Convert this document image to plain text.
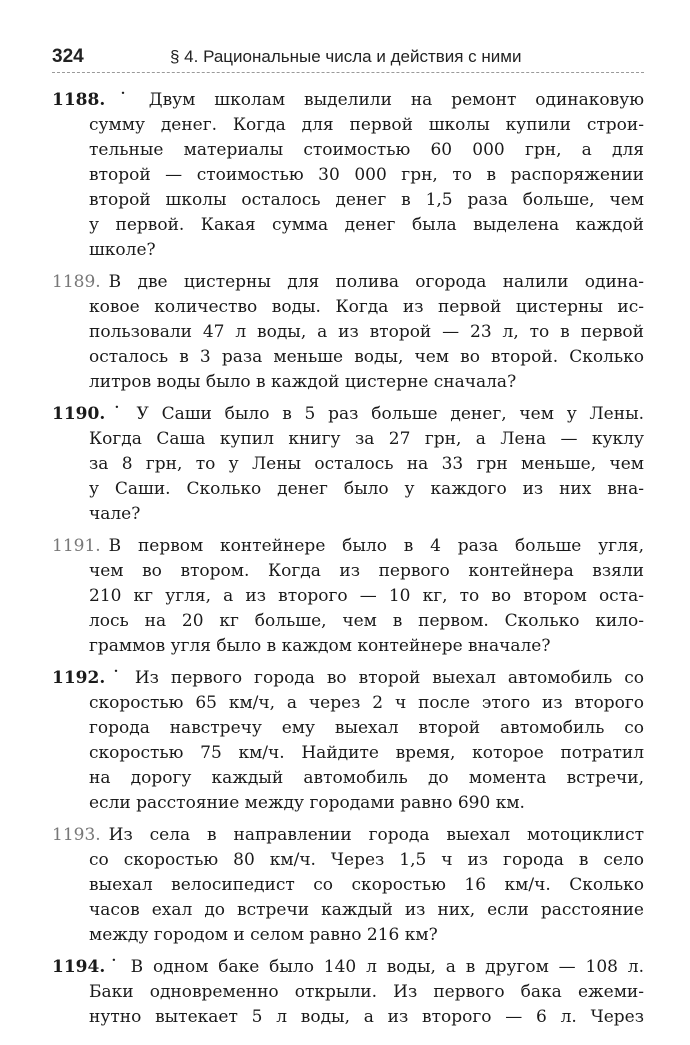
324	§ 4. Рациональные числа и действия с ними
1188.˙ Двум школам выделили на ремонт одинаковую
сумму денег. Когда для первой школы купили строи-
тельные материалы стоимостью 60 000 грн, а для
второй — стоимостью 30 000 грн, то в распоряжении
второй школы осталось денег в 1,5 раза больше, чем
у первой. Какая сумма денег была выделена каждой
школе?
1189. В две цистерны для полива огорода налили одина-
ковое количество воды. Когда из первой цистерны ис-
пользовали 47 л воды, а из второй — 23 л, то в первой
осталось в 3 раза меньше воды, чем во второй. Сколько
литров воды было в каждой цистерне сначала?
1190.˙ У Саши было в 5 раз больше денег, чем у Лены.
Когда Саша купил книгу за 27 грн, а Лена — куклу
за 8 грн, то у Лены осталось на 33 грн меньше, чем
у Саши. Сколько денег было у каждого из них вна-
чале?
1191. В первом контейнере было в 4 раза больше угля,
чем во втором. Когда из первого контейнера взяли
210 кг угля, а из второго — 10 кг, то во втором оста-
лось на 20 кг больше, чем в первом. Сколько кило-
граммов угля было в каждом контейнере вначале?
1192.˙ Из первого города во второй выехал автомобиль со
скоростью 65 км/ч, а через 2 ч после этого из второго
города навстречу ему выехал второй автомобиль со
скоростью 75 км/ч. Найдите время, которое потратил
на дорогу каждый автомобиль до момента встречи,
если расстояние между городами равно 690 км.
1193. Из села в направлении города выехал мотоциклист
со скоростью 80 км/ч. Через 1,5 ч из города в село
выехал велосипедист со скоростью 16 км/ч. Сколько
часов ехал до встречи каждый из них, если расстояние
между городом и селом равно 216 км?
1194.˙ В одном баке было 140 л воды, а в другом — 108 л.
Баки одновременно открыли. Из первого бака ежеми-
нутно вытекает 5 л воды, а из второго — 6 л. Через
